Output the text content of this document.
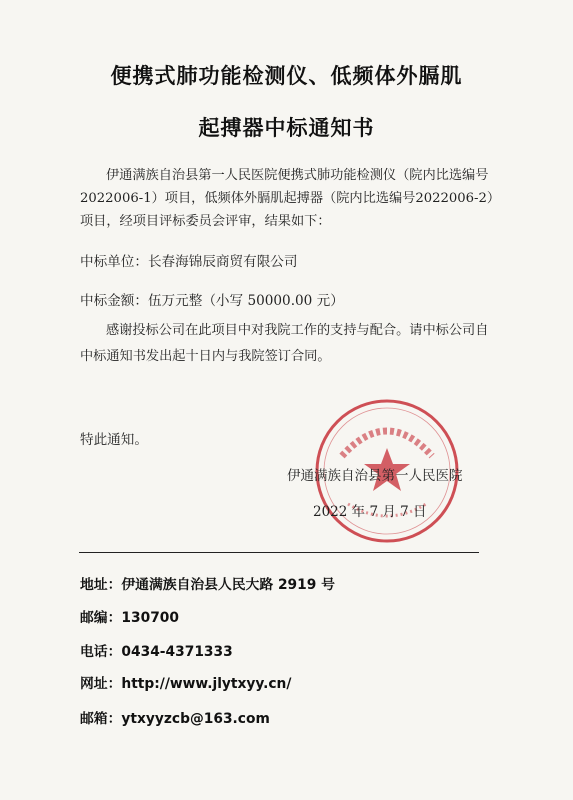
便携式肺功能检测仪、低频体外膈肌
起搏器中标通知书
伊通满族自治县第一人民医院便携式肺功能检测仪（院内比选编号2022006-1）项目，低频体外膈肌起搏器（院内比选编号2022006-2）项目，经项目评标委员会评审，结果如下：
中标单位：长春海锦辰商贸有限公司
中标金额：伍万元整（小写 50000.00 元）
感谢投标公司在此项目中对我院工作的支持与配合。请中标公司自中标通知书发出起十日内与我院签订合同。
特此通知。
伊通满族自治县第一人民医院
2022 年 7 月 7 日
地址：伊通满族自治县人民大路 2919 号
邮编：130700
电话：0434-4371333
网址：http://www.jlytxyy.cn/
邮箱：ytxyyzcb@163.com
